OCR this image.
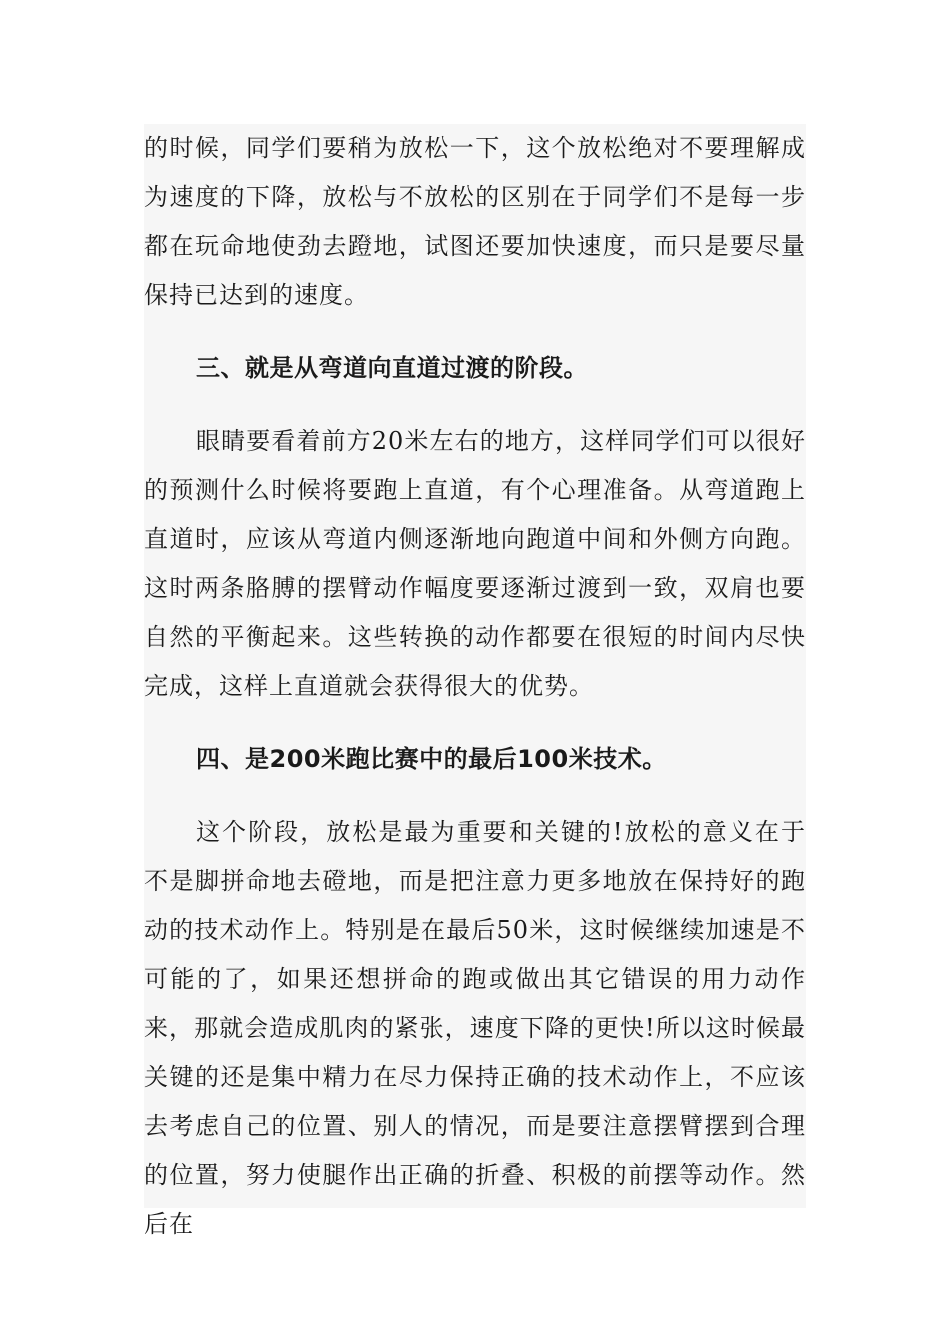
的时候，同学们要稍为放松一下，这个放松绝对不要理解成为速度的下降，放松与不放松的区别在于同学们不是每一步都在玩命地使劲去蹬地，试图还要加快速度，而只是要尽量保持已达到的速度。

三、就是从弯道向直道过渡的阶段。

眼睛要看着前方20米左右的地方，这样同学们可以很好的预测什么时候将要跑上直道，有个心理准备。从弯道跑上直道时，应该从弯道内侧逐渐地向跑道中间和外侧方向跑。这时两条胳膊的摆臂动作幅度要逐渐过渡到一致，双肩也要自然的平衡起来。这些转换的动作都要在很短的时间内尽快完成，这样上直道就会获得很大的优势。

四、是200米跑比赛中的最后100米技术。

这个阶段，放松是最为重要和关键的!放松的意义在于不是脚拼命地去磴地，而是把注意力更多地放在保持好的跑动的技术动作上。特别是在最后50米，这时候继续加速是不可能的了，如果还想拼命的跑或做出其它错误的用力动作来，那就会造成肌肉的紧张，速度下降的更快!所以这时候最关键的还是集中精力在尽力保持正确的技术动作上，不应该去考虑自己的位置、别人的情况，而是要注意摆臂摆到合理的位置，努力使腿作出正确的折叠、积极的前摆等动作。然后在
